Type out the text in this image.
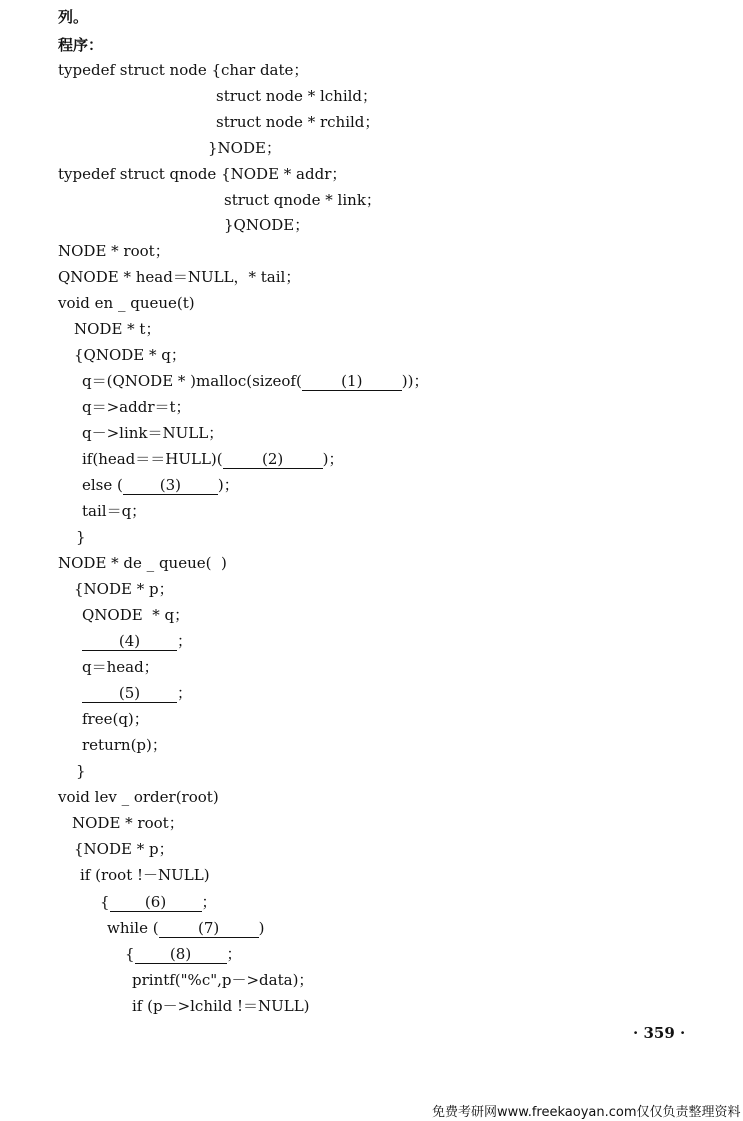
列。
程序：
typedef struct node {char date；
struct node * lchild；
struct node * rchild；
}NODE；
typedef struct qnode {NODE * addr；
struct qnode * link；
}QNODE；
NODE * root；
QNODE * head＝NULL，* tail；
void en _ queue(t)
NODE * t；
{QNODE * q；
q＝(QNODE * )malloc(sizeof(	(1)	))；
q＝>addr＝t；
q－>link＝NULL；
if(head＝＝HULL)(	(2)	)；
else ( (3) )；
tail＝q；
}
NODE * de _ queue(  )
{NODE * p；
QNODE  * q；
(4) ；
q＝head；
(5) ；
free(q)；
return(p)；
}
void lev _ order(root)
NODE * root；
{NODE * p；
if (root !－NULL)
{ (6) ；
while (	(7)	)
{ (8) ；
printf("%c",p－>data)；
if (p－>lchild !＝NULL)
· 359 ·
免费考研网www.freekaoyan.com仅仅负责整理资料
